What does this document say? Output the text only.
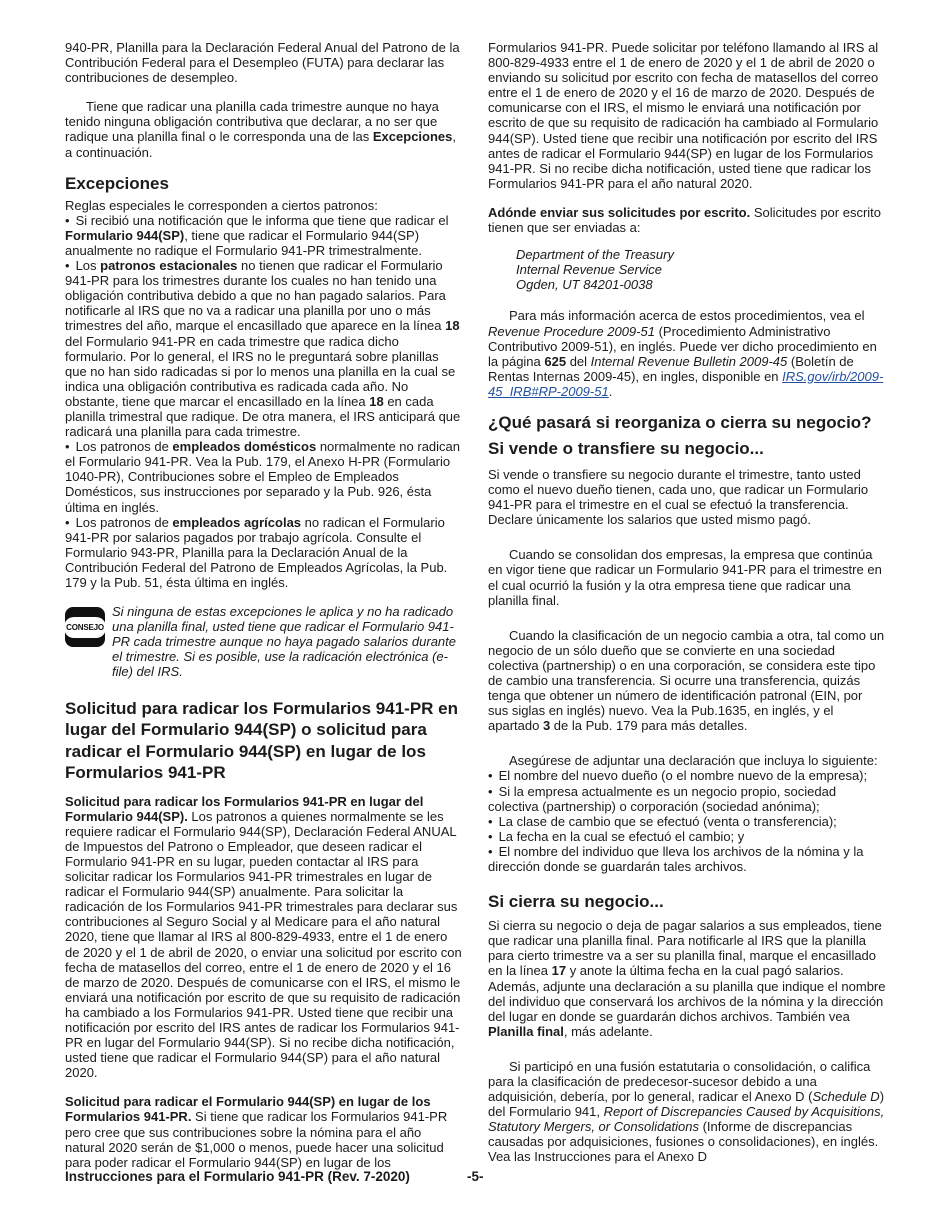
940-PR, Planilla para la Declaración Federal Anual del Patrono de la Contribución Federal para el Desempleo (FUTA) para declarar las contribuciones de desempleo.

Tiene que radicar una planilla cada trimestre aunque no haya tenido ninguna obligación contributiva que declarar, a no ser que radique una planilla final o le corresponda una de las Excepciones, a continuación.

Excepciones

Reglas especiales le corresponden a ciertos patronos:

• Si recibió una notificación que le informa que tiene que radicar el Formulario 944(SP), tiene que radicar el Formulario 944(SP) anualmente no radique el Formulario 941-PR trimestralmente.

• Los patronos estacionales no tienen que radicar el Formulario 941-PR para los trimestres durante los cuales no han tenido una obligación contributiva debido a que no han pagado salarios. Para notificarle al IRS que no va a radicar una planilla por uno o más trimestres del año, marque el encasillado que aparece en la línea 18 del Formulario 941-PR en cada trimestre que radica dicho formulario. Por lo general, el IRS no le preguntará sobre planillas que no han sido radicadas si por lo menos una planilla en la cual se indica una obligación contributiva es radicada cada año. No obstante, tiene que marcar el encasillado en la línea 18 en cada planilla trimestral que radique. De otra manera, el IRS anticipará que radicará una planilla para cada trimestre.

• Los patronos de empleados domésticos normalmente no radican el Formulario 941-PR. Vea la Pub. 179, el Anexo H-PR (Formulario 1040-PR), Contribuciones sobre el Empleo de Empleados Domésticos, sus instrucciones por separado y la Pub. 926, ésta última en inglés.

• Los patronos de empleados agrícolas no radican el Formulario 941-PR por salarios pagados por trabajo agrícola. Consulte el Formulario 943-PR, Planilla para la Declaración Anual de la Contribución Federal del Patrono de Empleados Agrícolas, la Pub. 179 y la Pub. 51, ésta última en inglés.

CONSEJO
Si ninguna de estas excepciones le aplica y no ha radicado una planilla final, usted tiene que radicar el Formulario 941-PR cada trimestre aunque no haya pagado salarios durante el trimestre. Si es posible, use la radicación electrónica (e-file) del IRS.
Solicitud para radicar los Formularios 941-PR en lugar del Formulario 944(SP) o solicitud para radicar el Formulario 944(SP) en lugar de los Formularios 941-PR

Solicitud para radicar los Formularios 941-PR en lugar del Formulario 944(SP). Los patronos a quienes normalmente se les requiere radicar el Formulario 944(SP), Declaración Federal ANUAL de Impuestos del Patrono o Empleador, que deseen radicar el Formulario 941-PR en su lugar, pueden contactar al IRS para solicitar radicar los Formularios 941-PR trimestrales en lugar de radicar el Formulario 944(SP) anualmente. Para solicitar la radicación de los Formularios 941-PR trimestrales para declarar sus contribuciones al Seguro Social y al Medicare para el año natural 2020, tiene que llamar al IRS al 800-829-4933, entre el 1 de enero de 2020 y el 1 de abril de 2020, o enviar una solicitud por escrito con fecha de matasellos del correo, entre el 1 de enero de 2020 y el 16 de marzo de 2020. Después de comunicarse con el IRS, el mismo le enviará una notificación por escrito de que su requisito de radicación ha cambiado a los Formularios 941-PR. Usted tiene que recibir una notificación por escrito del IRS antes de radicar los Formularios 941-PR en lugar del Formulario 944(SP). Si no recibe dicha notificación, usted tiene que radicar el Formulario 944(SP) para el año natural 2020.

Solicitud para radicar el Formulario 944(SP) en lugar de los Formularios 941-PR. Si tiene que radicar los Formularios 941-PR pero cree que sus contribuciones sobre la nómina para el año natural 2020 serán de $1,000 o menos, puede hacer una solicitud para poder radicar el Formulario 944(SP) en lugar de los

Formularios 941-PR. Puede solicitar por teléfono llamando al IRS al 800-829-4933 entre el 1 de enero de 2020 y el 1 de abril de 2020 o enviando su solicitud por escrito con fecha de matasellos del correo entre el 1 de enero de 2020 y el 16 de marzo de 2020. Después de comunicarse con el IRS, el mismo le enviará una notificación por escrito de que su requisito de radicación ha cambiado al Formulario 944(SP). Usted tiene que recibir una notificación por escrito del IRS antes de radicar el Formulario 944(SP) en lugar de los Formularios 941-PR. Si no recibe dicha notificación, usted tiene que radicar los Formularios 941-PR para el año natural 2020.

Adónde enviar sus solicitudes por escrito. Solicitudes por escrito tienen que ser enviadas a:

Department of the Treasury
Internal Revenue Service
Ogden, UT 84201-0038

Para más información acerca de estos procedimientos, vea el Revenue Procedure 2009-51 (Procedimiento Administrativo Contributivo 2009-51), en inglés. Puede ver dicho procedimiento en la página 625 del Internal Revenue Bulletin 2009-45 (Boletín de Rentas Internas 2009-45), en ingles, disponible en IRS.gov/irb/2009-45_IRB#RP-2009-51.

¿Qué pasará si reorganiza o cierra su negocio?
Si vende o transfiere su negocio...

Si vende o transfiere su negocio durante el trimestre, tanto usted como el nuevo dueño tienen, cada uno, que radicar un Formulario 941-PR para el trimestre en el cual se efectuó la transferencia. Declare únicamente los salarios que usted mismo pagó.

Cuando se consolidan dos empresas, la empresa que continúa en vigor tiene que radicar un Formulario 941-PR para el trimestre en el cual ocurrió la fusión y la otra empresa tiene que radicar una planilla final.

Cuando la clasificación de un negocio cambia a otra, tal como un negocio de un sólo dueño que se convierte en una sociedad colectiva (partnership) o en una corporación, se considera este tipo de cambio una transferencia. Si ocurre una transferencia, quizás tenga que obtener un número de identificación patronal (EIN, por sus siglas en inglés) nuevo. Vea la Pub.1635, en inglés, y el apartado 3 de la Pub. 179 para más detalles.

Asegúrese de adjuntar una declaración que incluya lo siguiente:

• El nombre del nuevo dueño (o el nombre nuevo de la empresa);

• Si la empresa actualmente es un negocio propio, sociedad colectiva (partnership) o corporación (sociedad anónima);

• La clase de cambio que se efectuó (venta o transferencia);

• La fecha en la cual se efectuó el cambio; y

• El nombre del individuo que lleva los archivos de la nómina y la dirección donde se guardarán tales archivos.

Si cierra su negocio...

Si cierra su negocio o deja de pagar salarios a sus empleados, tiene que radicar una planilla final. Para notificarle al IRS que la planilla para cierto trimestre va a ser su planilla final, marque el encasillado en la línea 17 y anote la última fecha en la cual pagó salarios. Además, adjunte una declaración a su planilla que indique el nombre del individuo que conservará los archivos de la nómina y la dirección del lugar en donde se guardarán dichos archivos. También vea Planilla final, más adelante.

Si participó en una fusión estatutaria o consolidación, o califica para la clasificación de predecesor-sucesor debido a una adquisición, debería, por lo general, radicar el Anexo D (Schedule D) del Formulario 941, Report of Discrepancies Caused by Acquisitions, Statutory Mergers, or Consolidations (Informe de discrepancias causadas por adquisiciones, fusiones o consolidaciones), en inglés. Vea las Instrucciones para el Anexo D

Instrucciones para el Formulario 941-PR (Rev. 7-2020)	-5-
